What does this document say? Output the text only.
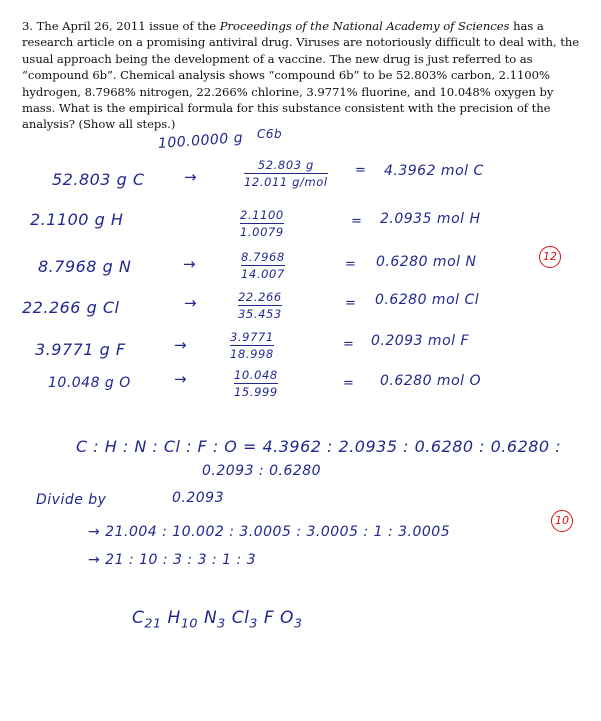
3. The April 26, 2011 issue of the Proceedings of the National Academy of Sciences has a research article on a promising antiviral drug. Viruses are notoriously difficult to deal with, the usual approach being the development of a vaccine. The new drug is just referred to as “compound 6b”. Chemical analysis shows “compound 6b” to be 52.803% carbon, 2.1100% hydrogen, 8.7968% nitrogen, 22.266% chlorine, 3.9771% fluorine, and 10.048% oxygen by mass. What is the empirical formula for this substance consistent with the precision of the analysis? (Show all steps.)
100.0000 g C6b
52.803 g C	→
52.803 g
12.011 g/mol
= 4.3962 mol C
2.1100 g H	2.1100
1.0079
= 2.0935 mol H
8.7968 g N	→	8.7968
14.007
= 0.6280 mol N	12
22.266 g Cl	→	22.266
35.453
= 0.6280 mol Cl
3.9771 g F	→	3.9771
18.998
= 0.2093 mol F
10.048 g O	→	10.048
15.999
= 0.6280 mol O
C : H : N : Cl : F : O = 4.3962 : 2.0935 : 0.6280 : 0.6280 :
0.2093 : 0.6280
Divide by	0.2093
→ 21.004 : 10.002 : 3.0005 : 3.0005 : 1 : 3.0005
10
→ 21 : 10 : 3 : 3 : 1 : 3
$C_{21}$ $H_{10}$ $N_3$ $Cl_3$ F $O_3$
